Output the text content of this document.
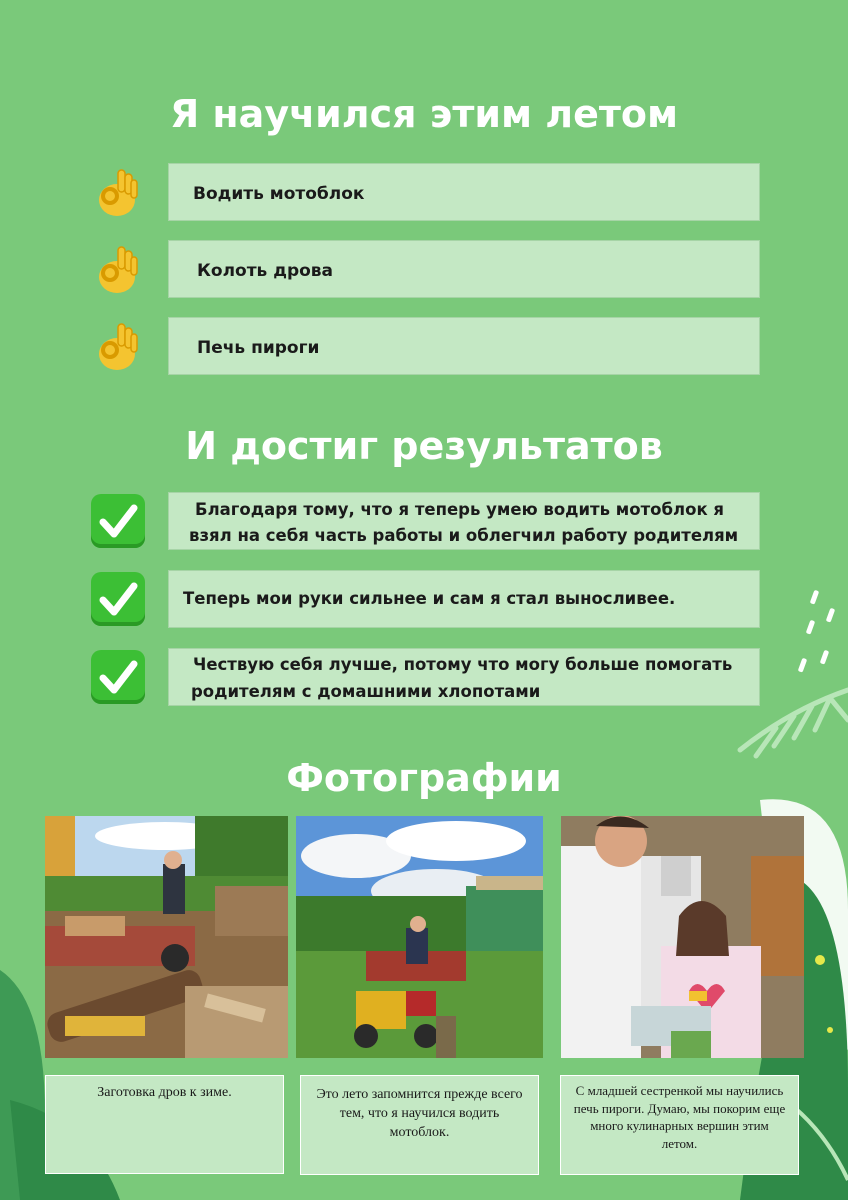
Я научился этим летом
Водить мотоблок
Колоть дрова
Печь пироги
И достиг результатов
Благодаря тому, что я теперь умею водить мотоблок я
взял на себя часть работы и облегчил работу родителям
Теперь мои руки сильнее и сам я стал выносливее.
Чествую себя лучше, потому что могу больше помогать
родителям с домашними хлопотами
Фотографии
Заготовка дров к зиме.	Это лето запомнится прежде всего тем, что я научился водить мотоблок.
С младшей сестренкой мы научились печь пироги. Думаю, мы покорим еще много кулинарных вершин этим летом.
